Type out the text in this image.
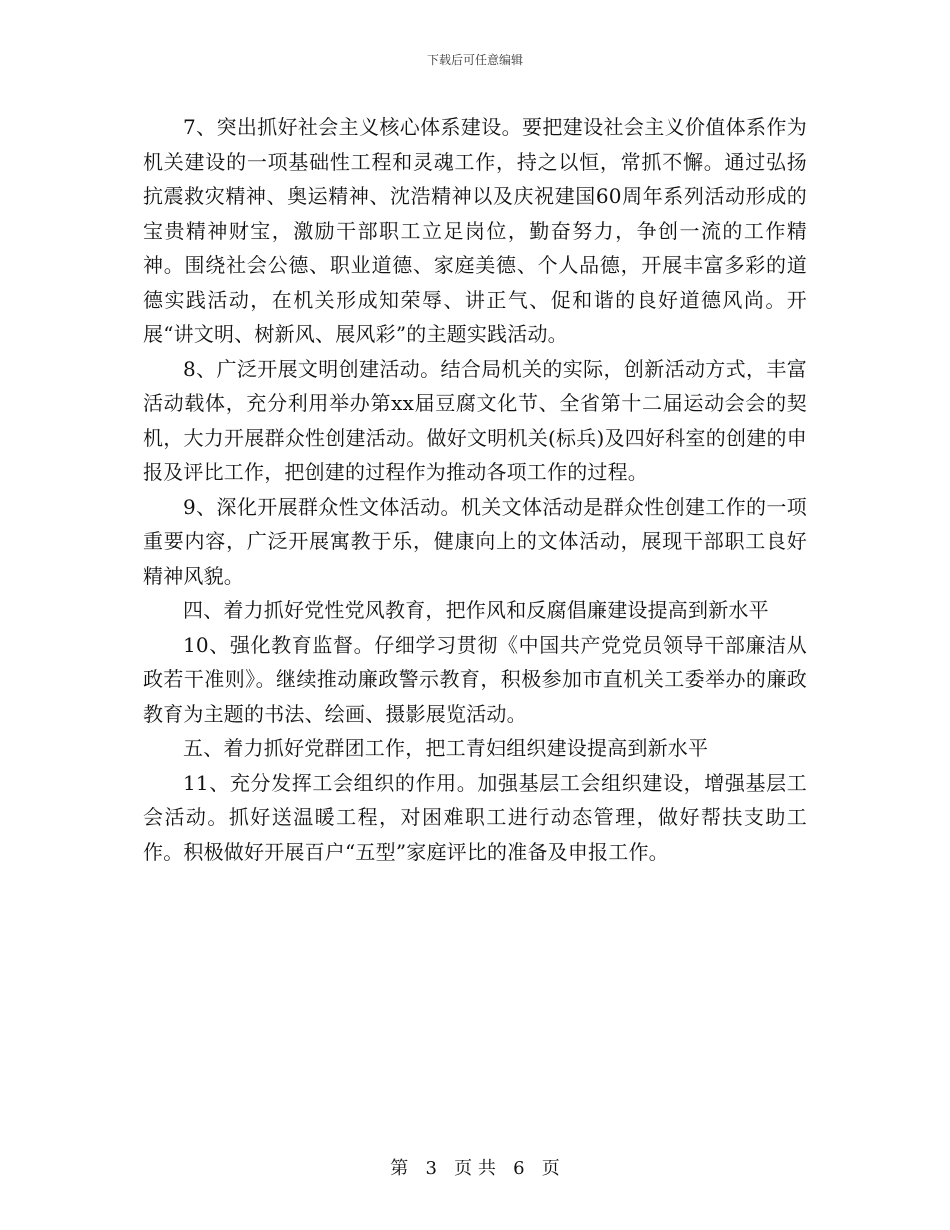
下载后可任意编辑

7、突出抓好社会主义核心体系建设。要把建设社会主义价值体系作为机关建设的一项基础性工程和灵魂工作，持之以恒，常抓不懈。通过弘扬抗震救灾精神、奥运精神、沈浩精神以及庆祝建国60周年系列活动形成的宝贵精神财宝，激励干部职工立足岗位，勤奋努力，争创一流的工作精神。围绕社会公德、职业道德、家庭美德、个人品德，开展丰富多彩的道德实践活动，在机关形成知荣辱、讲正气、促和谐的良好道德风尚。开展“讲文明、树新风、展风彩”的主题实践活动。

8、广泛开展文明创建活动。结合局机关的实际，创新活动方式，丰富活动载体，充分利用举办第xx届豆腐文化节、全省第十二届运动会会的契机，大力开展群众性创建活动。做好文明机关(标兵)及四好科室的创建的申报及评比工作，把创建的过程作为推动各项工作的过程。

9、深化开展群众性文体活动。机关文体活动是群众性创建工作的一项重要内容，广泛开展寓教于乐，健康向上的文体活动，展现干部职工良好精神风貌。

四、着力抓好党性党风教育，把作风和反腐倡廉建设提高到新水平

10、强化教育监督。仔细学习贯彻《中国共产党党员领导干部廉洁从政若干准则》。继续推动廉政警示教育，积极参加市直机关工委举办的廉政教育为主题的书法、绘画、摄影展览活动。

五、着力抓好党群团工作，把工青妇组织建设提高到新水平

11、充分发挥工会组织的作用。加强基层工会组织建设，增强基层工会活动。抓好送温暖工程，对困难职工进行动态管理，做好帮扶支助工作。积极做好开展百户“五型”家庭评比的准备及申报工作。

第 3 页 共 6 页
